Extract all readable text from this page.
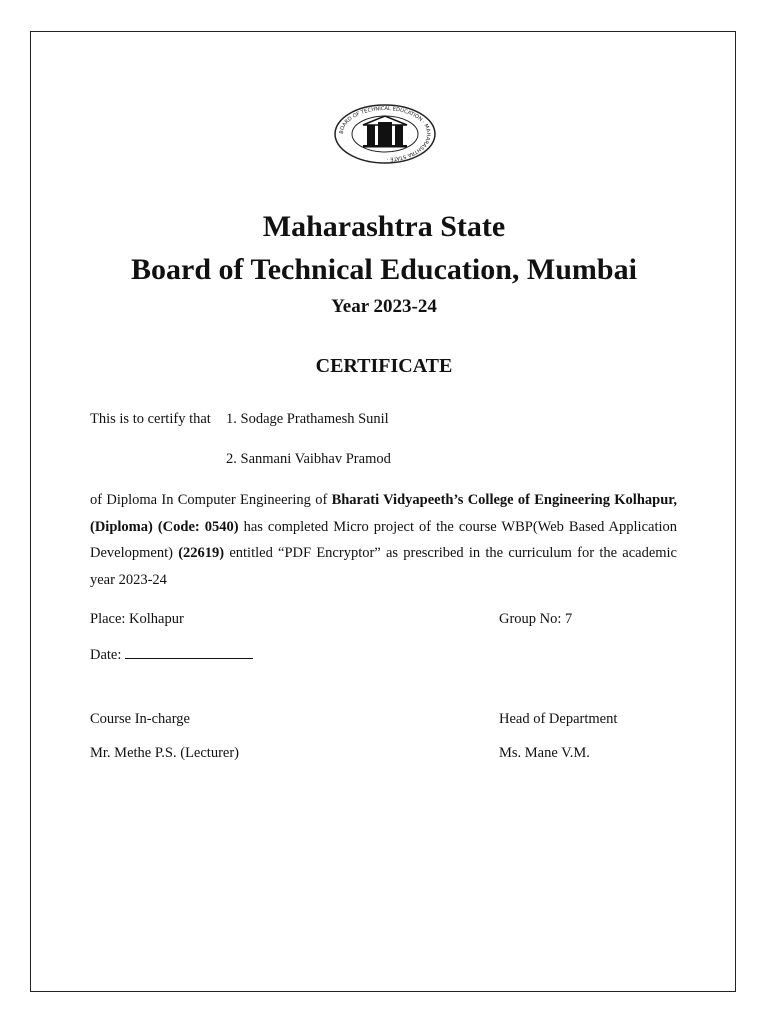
BOARD OF TECHNICAL EDUCATION · MAHARASHTRA STATE ·
Maharashtra State
Board of Technical Education, Mumbai
Year 2023-24
CERTIFICATE
This is to certify that 1. Sodage Prathamesh Sunil
2. Sanmani Vaibhav Pramod
of Diploma In Computer Engineering of Bharati Vidyapeeth’s College of Engineering Kolhapur, (Diploma) (Code: 0540) has completed Micro project of the course WBP(Web Based Application Development) (22619) entitled “PDF Encryptor” as prescribed in the curriculum for the academic year 2023-24
Place: Kolhapur	Group No: 7
Date:
Course In-charge	Head of Department
Mr. Methe P.S. (Lecturer)	Ms. Mane V.M.
